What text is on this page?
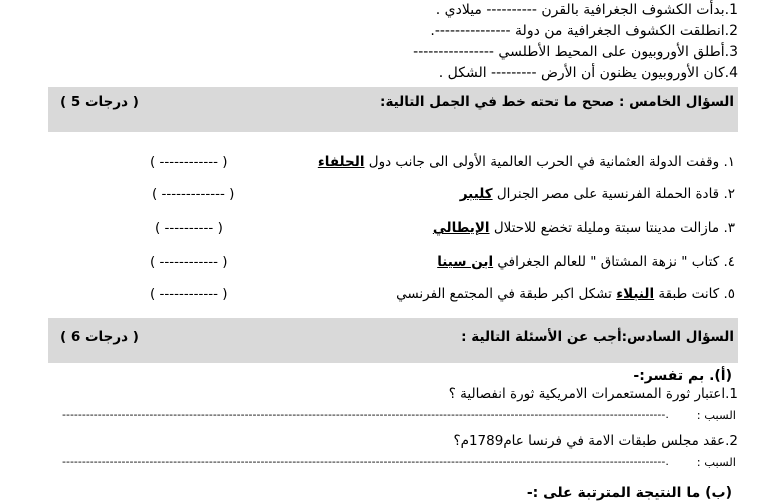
1.بدأت الكشوف الجغرافية بالقرن ---------- ميلادي .
2.انطلقت الكشوف الجغرافية من دولة ---------------.
3.أطلق الأوروبيون على المحيط الأطلسي ----------------
4.كان الأوروبيون يظنون أن الأرض --------- الشكل .
السؤال الخامس : صحح ما تحته خط في الجمل التالية:
( 5 درجات )
١. وقفت الدولة العثمانية في الحرب العالمية الأولى الى جانب دول الحلفاء
( ------------ )
٢. قادة الحملة الفرنسية على مصر الجنرال كليبر
( ------------- )
٣. مازالت مدينتا سبتة ومليلة تخضع للاحتلال الإيطالي
( ---------- )
٤. كتاب " نزهة المشتاق " للعالم الجغرافي ابن سينا
( ------------ )
٥. كانت طبقة النبلاء تشكل اكبر طبقة في المجتمع الفرنسي
( ------------ )
السؤال السادس:أجب عن الأسئلة التالية :
( 6 درجات )
(أ). بم تفسر:-
1.اعتبار ثورة المستعمرات الامريكية ثورة انفصالية ؟
السبب :
--------------------------------------------------------------------------------------------------------------------------------------------------------.
2.عقد مجلس طبقات الامة في فرنسا عام1789م؟
السبب :
--------------------------------------------------------------------------------------------------------------------------------------------------------.
(ب) ما النتيجة المترتبة على :-
